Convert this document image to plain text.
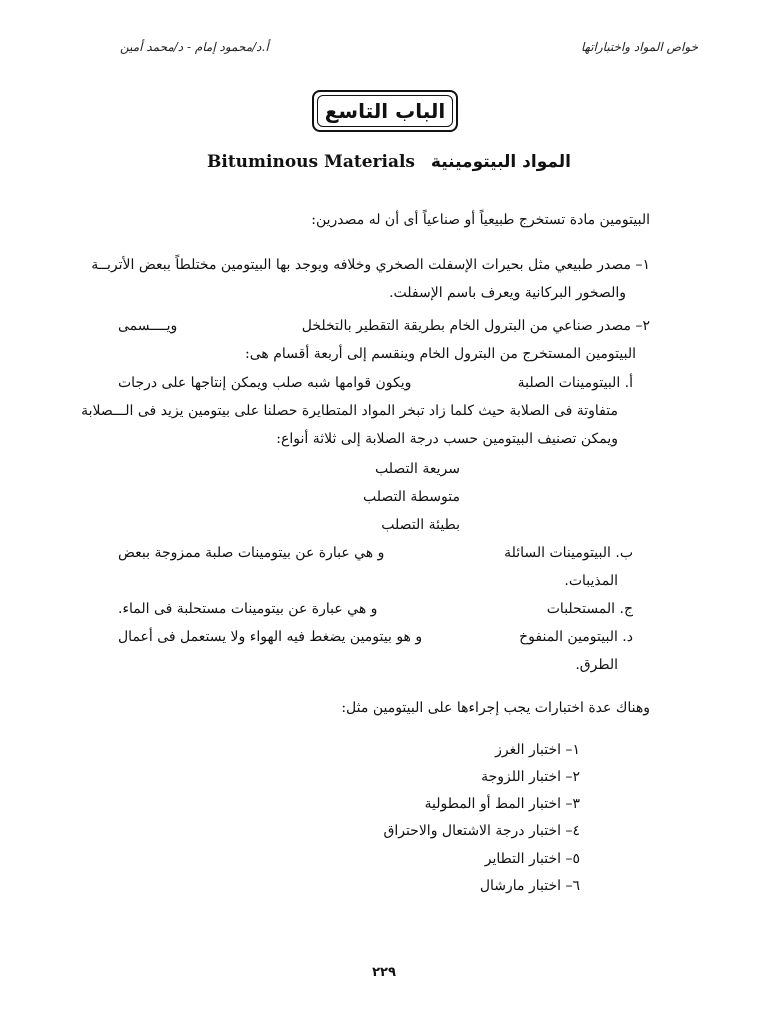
خواص المواد واختباراتها
أ.د/محمود إمام - د/محمد أمين
الباب التاسع
Bituminous Materials المواد البيتومينية
البيتومين مادة تستخرج طبيعياً أو صناعياً أى أن له مصدرين:
١– مصدر طبيعي مثل بحيرات الإسفلت الصخري وخلافه ويوجد بها البيتومين مختلطاً ببعض الأتربــة
والصخور البركانية ويعرف باسم الإسفلت.
٢– مصدر صناعي من البترول الخام بطريقة التقطير بالتخلخل
ويــــسمى
البيتومين المستخرج من البترول الخام وينقسم إلى أربعة أقسام هى:
أ. البيتومينات الصلبة
ويكون قوامها شبه صلب ويمكن إنتاجها على درجات
متفاوتة فى الصلابة حيث كلما زاد تبخر المواد المتطايرة حصلنا على بيتومين يزيد فى الـــصلابة
ويمكن تصنيف البيتومين حسب درجة الصلابة إلى ثلاثة أنواع:
سريعة التصلب
متوسطة التصلب
بطيئة التصلب
ب. البيتومينات السائلة
و هي عبارة عن بيتومينات صلبة ممزوجة ببعض
المذيبات.
ج. المستحلبات
و هي عبارة عن بيتومينات مستحلبة فى الماء.
د. البيتومين المنفوخ
و هو بيتومين يضغط فيه الهواء ولا يستعمل فى أعمال
الطرق.
وهناك عدة اختبارات يجب إجراءها على البيتومين مثل:
١– اختبار الغرز
٢– اختبار اللزوجة
٣– اختبار المط أو المطولية
٤– اختبار درجة الاشتعال والاحتراق
٥– اختبار التطاير
٦– اختبار مارشال
٢٢٩
